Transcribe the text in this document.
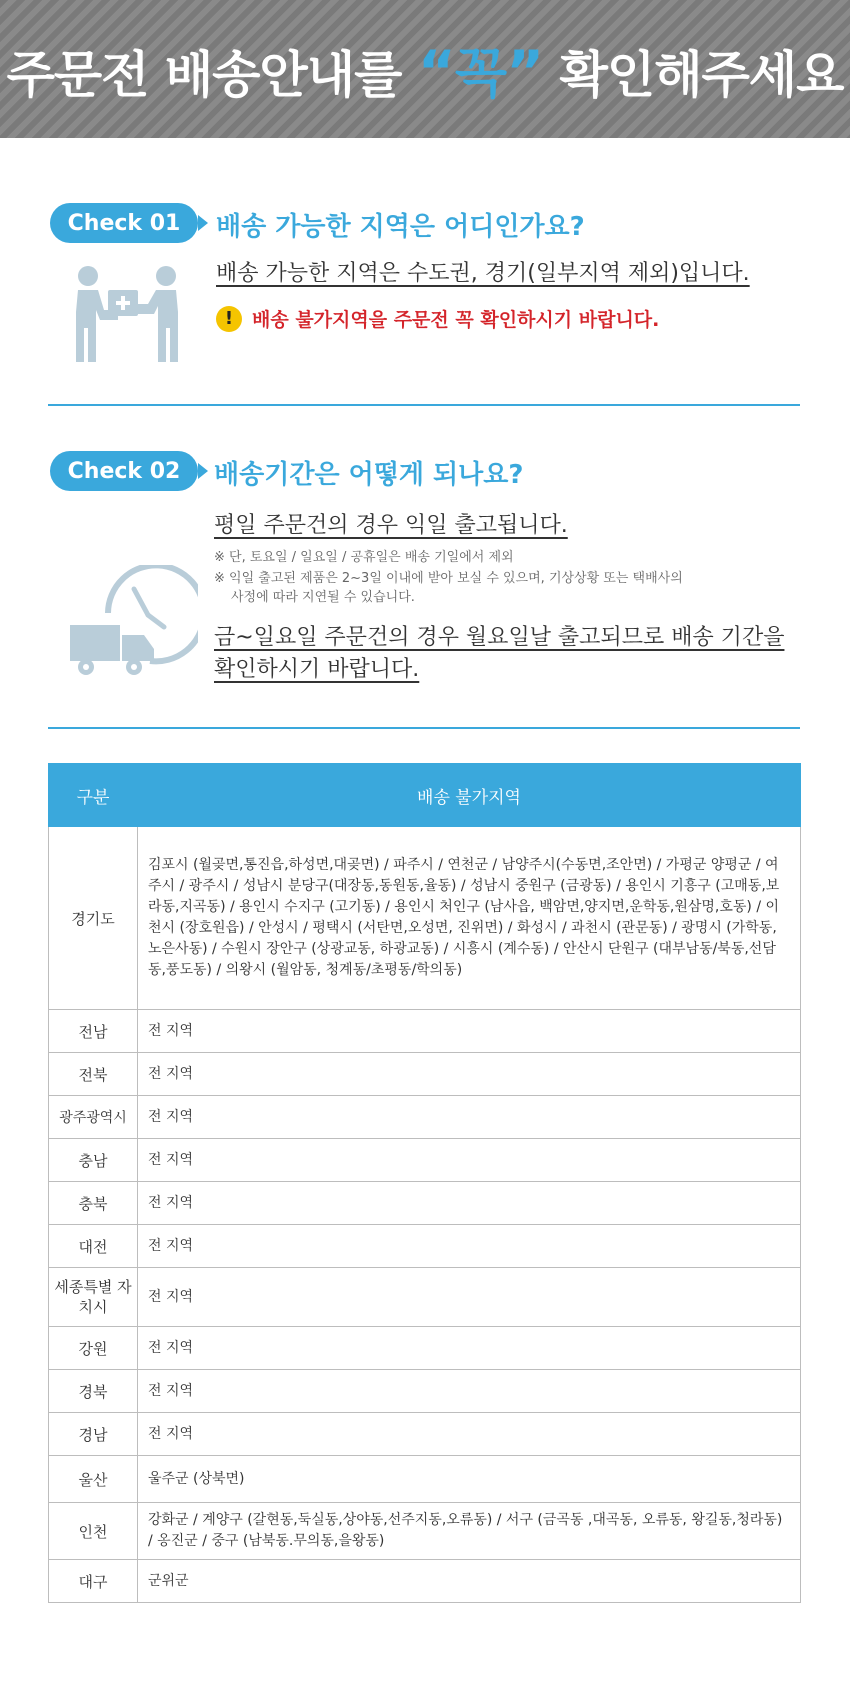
주문전 배송안내를 “꼭” 확인해주세요
Check 01	배송 가능한 지역은 어디인가요?
배송 가능한 지역은 수도권, 경기(일부지역 제외)입니다.
! 배송 불가지역을 주문전 꼭 확인하시기 바랍니다.
Check 02	배송기간은 어떻게 되나요?
평일 주문건의 경우 익일 출고됩니다.
※ 단, 토요일 / 일요일 / 공휴일은 배송 기일에서 제외
※ 익일 출고된 제품은 2~3일 이내에 받아 보실 수 있으며, 기상상황 또는 택배사의
사정에 따라 지연될 수 있습니다.
금~일요일 주문건의 경우 월요일날 출고되므로 배송 기간을
확인하시기 바랍니다.
구분	배송 불가지역
경기도	김포시 (월곶면,통진읍,하성면,대곶면) / 파주시 / 연천군 / 남양주시(수동면,조안면) / 가평군 양평군 / 여주시 / 광주시 / 성남시 분당구(대장동,동원동,율동) / 성남시 중원구 (금광동) / 용인시 기흥구 (고매동,보라동,지곡동) / 용인시 수지구 (고기동) / 용인시 처인구 (남사읍, 백암면,양지면,운학동,원삼명,호동) / 이천시 (장호원읍) / 안성시 / 평택시 (서탄면,오성면, 진위면) / 화성시 / 과천시 (관문동) / 광명시 (가학동,노은사동) / 수원시 장안구 (상광교동, 하광교동) / 시흥시 (계수동) / 안산시 단원구 (대부남동/북동,선담동,풍도동) / 의왕시 (월암동, 청계동/초평동/학의동)
전남	전 지역
전북	전 지역
광주광역시	전 지역
충남	전 지역
충북	전 지역
대전	전 지역
세종특별 자치시	전 지역
강원	전 지역
경북	전 지역
경남	전 지역
울산	울주군 (상북면)
인천	강화군 / 계양구 (갈현동,둑실동,상야동,선주지동,오류동) / 서구 (금곡동 ,대곡동, 오류동, 왕길동,청라동) / 옹진군 / 중구 (남북동.무의동,을왕동)
대구	군위군
